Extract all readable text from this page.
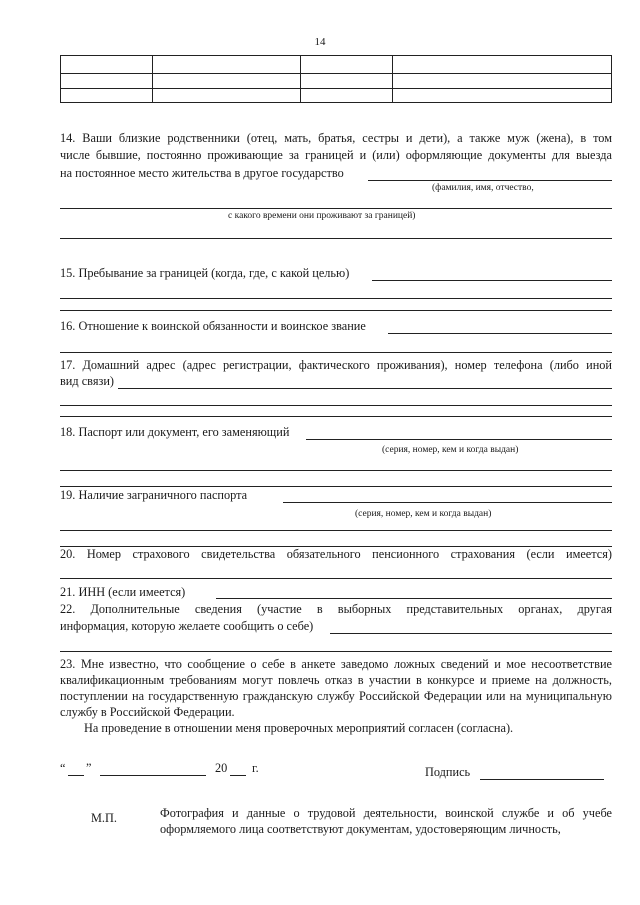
14
14. Ваши близкие родственники (отец, мать, братья, сестры и дети), а также муж (жена), в том
числе бывшие, постоянно проживающие за границей и (или) оформляющие документы для выезда
на постоянное место жительства в другое государство
(фамилия, имя, отчество,
с какого времени они проживают за границей)
15. Пребывание за границей (когда, где, с какой целью)
16. Отношение к воинской обязанности и воинское звание
17. Домашний адрес (адрес регистрации, фактического проживания), номер телефона (либо иной
вид связи)
18. Паспорт или документ, его заменяющий
(серия, номер, кем и когда выдан)
19. Наличие заграничного паспорта
(серия, номер, кем и когда выдан)
20. Номер страхового свидетельства обязательного пенсионного страхования (если имеется)
21. ИНН (если имеется)
22. Дополнительные сведения (участие в выборных представительных органах, другая
информация, которую желаете сообщить о себе)
23. Мне известно, что сообщение о себе в анкете заведомо ложных сведений и мое несоответствие квалификационным требованиям могут повлечь отказ в участии в конкурсе и приеме на должность, поступлении на государственную гражданскую службу Российской Федерации или на муниципальную службу в Российской Федерации.
На проведение в отношении меня проверочных мероприятий согласен (согласна).
“ ”	20 г.	Подпись
М.П.	Фотография и данные о трудовой деятельности, воинской службе и об учебе оформляемого лица соответствуют документам, удостоверяющим личность,
